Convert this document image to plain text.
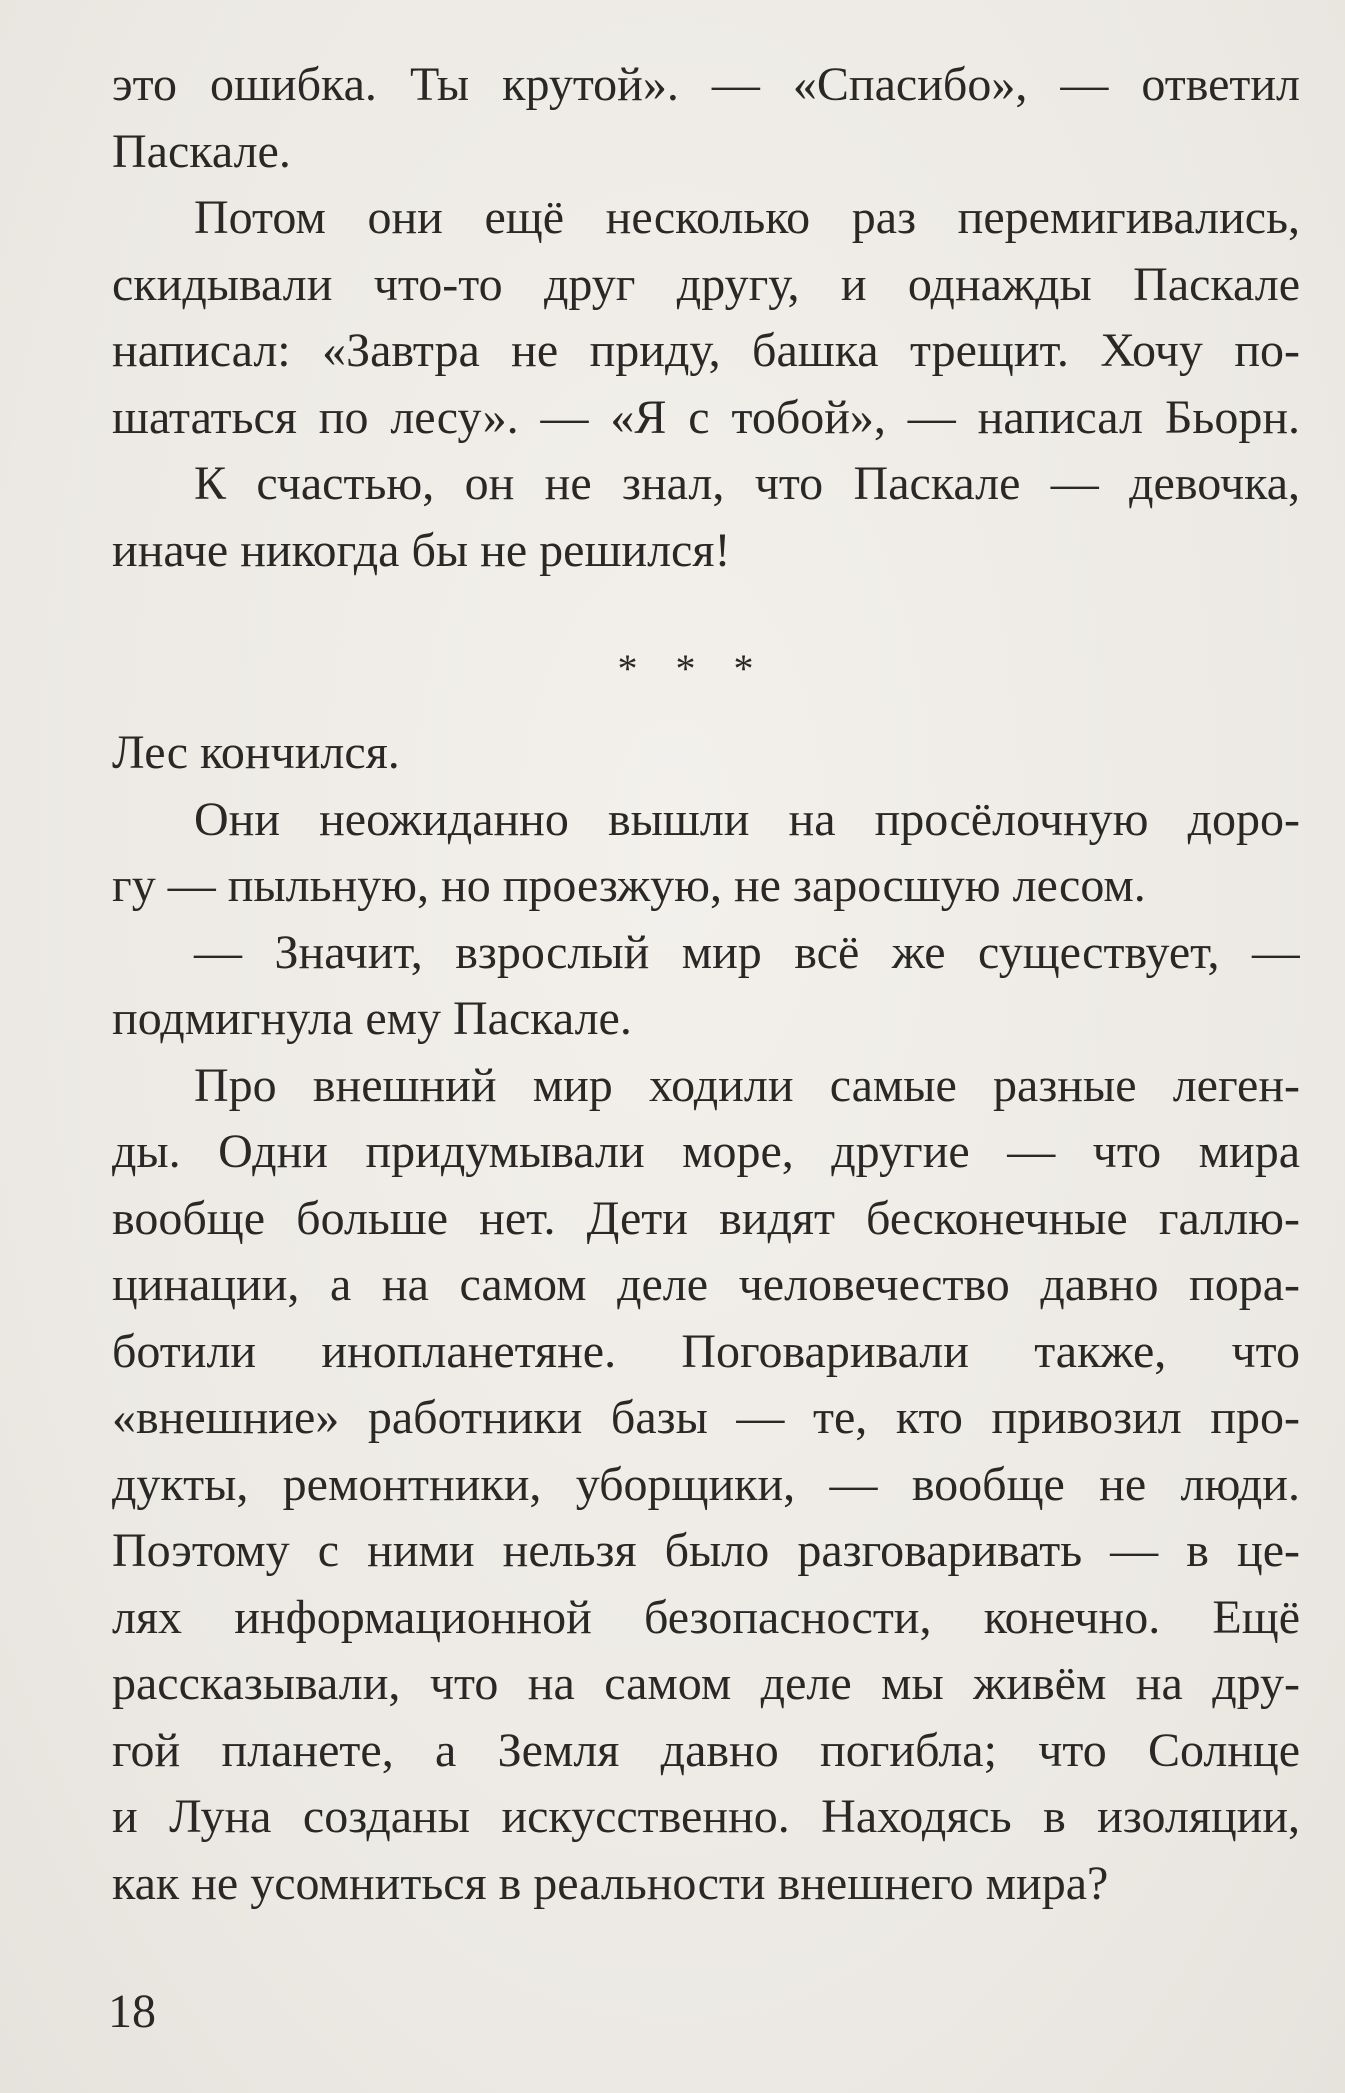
это ошибка. Ты крутой». — «Спасибо», — ответил
Паскале.
Потом они ещё несколько раз перемигивались,
скидывали что-то друг другу, и однажды Паскале
написал: «Завтра не приду, башка трещит. Хочу по-
шататься по лесу». — «Я с тобой», — написал Бьорн.
К счастью, он не знал, что Паскале — девочка,
иначе никогда бы не решился!
* * *
Лес кончился.
Они неожиданно вышли на просёлочную доро-
гу — пыльную, но проезжую, не заросшую лесом.
— Значит, взрослый мир всё же существует, —
подмигнула ему Паскале.
Про внешний мир ходили самые разные леген-
ды. Одни придумывали море, другие — что мира
вообще больше нет. Дети видят бесконечные галлю-
цинации, а на самом деле человечество давно пора-
ботили инопланетяне. Поговаривали также, что
«внешние» работники базы — те, кто привозил про-
дукты, ремонтники, уборщики, — вообще не люди.
Поэтому с ними нельзя было разговаривать — в це-
лях информационной безопасности, конечно. Ещё
рассказывали, что на самом деле мы живём на дру-
гой планете, а Земля давно погибла; что Солнце
и Луна созданы искусственно. Находясь в изоляции,
как не усомниться в реальности внешнего мира?
18
